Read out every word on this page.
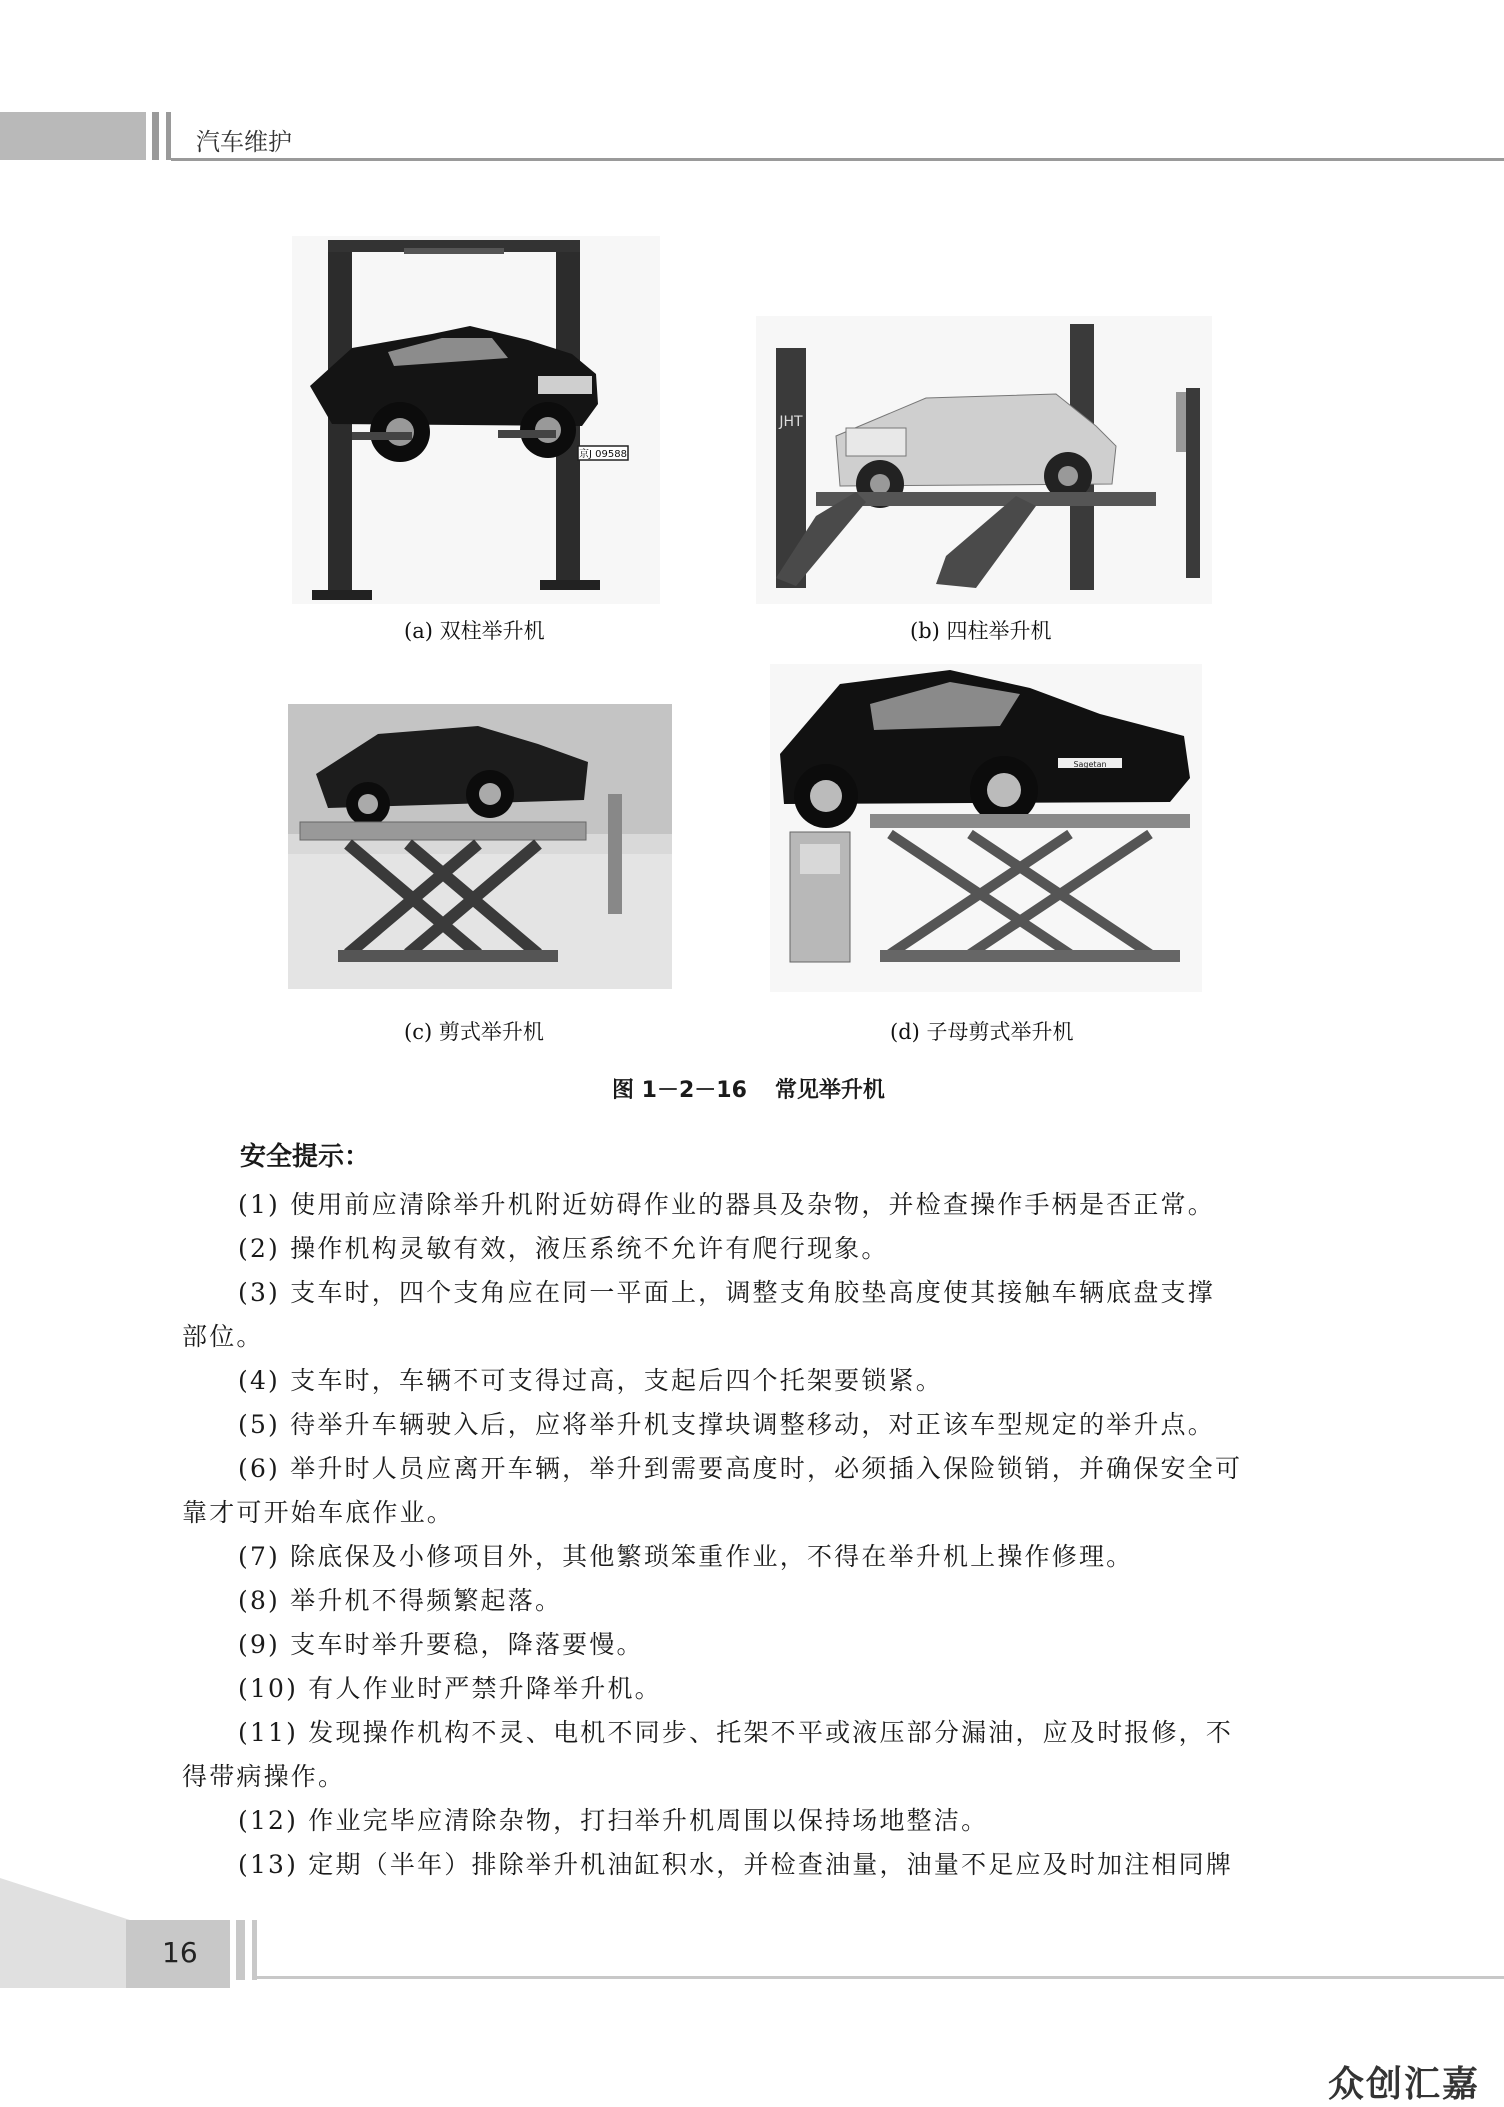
汽车维护
京J 09588
(a) 双柱举升机
JHT
(b) 四柱举升机
(c) 剪式举升机
Sagetan
(d) 子母剪式举升机
图 1－2－16 常见举升机
安全提示：
(1) 使用前应清除举升机附近妨碍作业的器具及杂物，并检查操作手柄是否正常。
(2) 操作机构灵敏有效，液压系统不允许有爬行现象。
(3) 支车时，四个支角应在同一平面上，调整支角胶垫高度使其接触车辆底盘支撑
部位。
(4) 支车时，车辆不可支得过高，支起后四个托架要锁紧。
(5) 待举升车辆驶入后，应将举升机支撑块调整移动，对正该车型规定的举升点。
(6) 举升时人员应离开车辆，举升到需要高度时，必须插入保险锁销，并确保安全可
靠才可开始车底作业。
(7) 除底保及小修项目外，其他繁琐笨重作业，不得在举升机上操作修理。
(8) 举升机不得频繁起落。
(9) 支车时举升要稳，降落要慢。
(10) 有人作业时严禁升降举升机。
(11) 发现操作机构不灵、电机不同步、托架不平或液压部分漏油，应及时报修，不
得带病操作。
(12) 作业完毕应清除杂物，打扫举升机周围以保持场地整洁。
(13) 定期（半年）排除举升机油缸积水，并检查油量，油量不足应及时加注相同牌
16
众创汇嘉
